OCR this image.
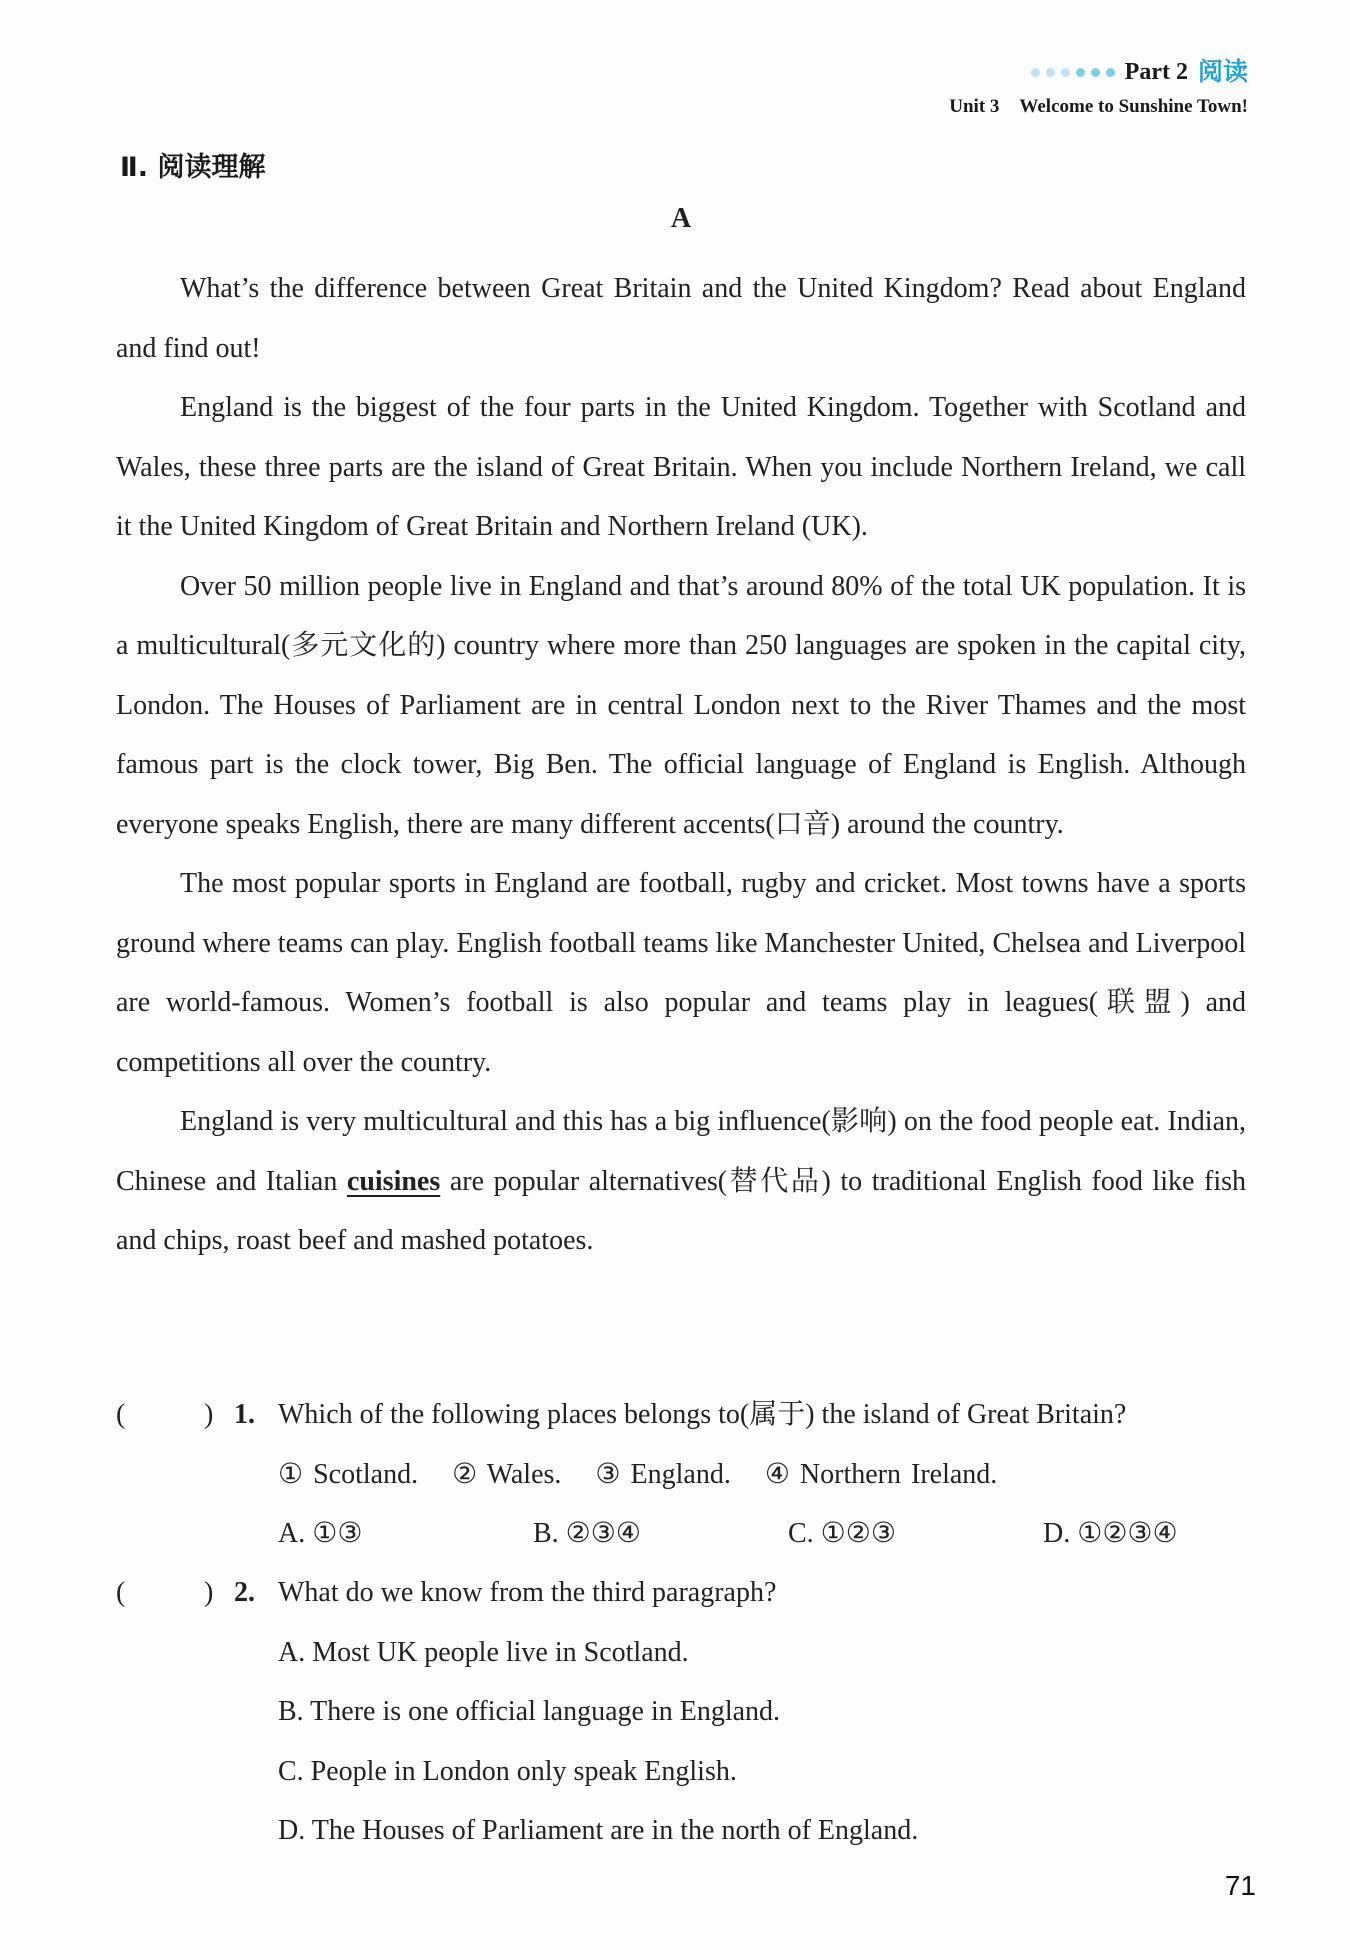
Part 2 阅读
Unit 3 Welcome to Sunshine Town!
Ⅱ. 阅读理解
A

What’s the difference between Great Britain and the United Kingdom? Read about England and find out!

England is the biggest of the four parts in the United Kingdom. Together with Scotland and Wales, these three parts are the island of Great Britain. When you include Northern Ireland, we call it the United Kingdom of Great Britain and Northern Ireland (UK).

Over 50 million people live in England and that’s around 80% of the total UK population. It is a multicultural(多元文化的) country where more than 250 languages are spoken in the capital city, London. The Houses of Parliament are in central London next to the River Thames and the most famous part is the clock tower, Big Ben. The official language of England is English. Although everyone speaks English, there are many different accents(口音) around the country.

The most popular sports in England are football, rugby and cricket. Most towns have a sports ground where teams can play. English football teams like Manchester United, Chelsea and Liverpool are world-famous. Women’s football is also popular and teams play in leagues(联盟) and competitions all over the country.

England is very multicultural and this has a big influence(影响) on the food people eat. Indian, Chinese and Italian cuisines are popular alternatives(替代品) to traditional English food like fish and chips, roast beef and mashed potatoes.

(	) 1. Which of the following places belongs to(属于) the island of Great Britain?
① Scotland. ② Wales. ③ England. ④ Northern Ireland.
A. ①③	B. ②③④	C. ①②③	D. ①②③④
(	) 2. What do we know from the third paragraph?
A. Most UK people live in Scotland.
B. There is one official language in England.
C. People in London only speak English.
D. The Houses of Parliament are in the north of England.
71
